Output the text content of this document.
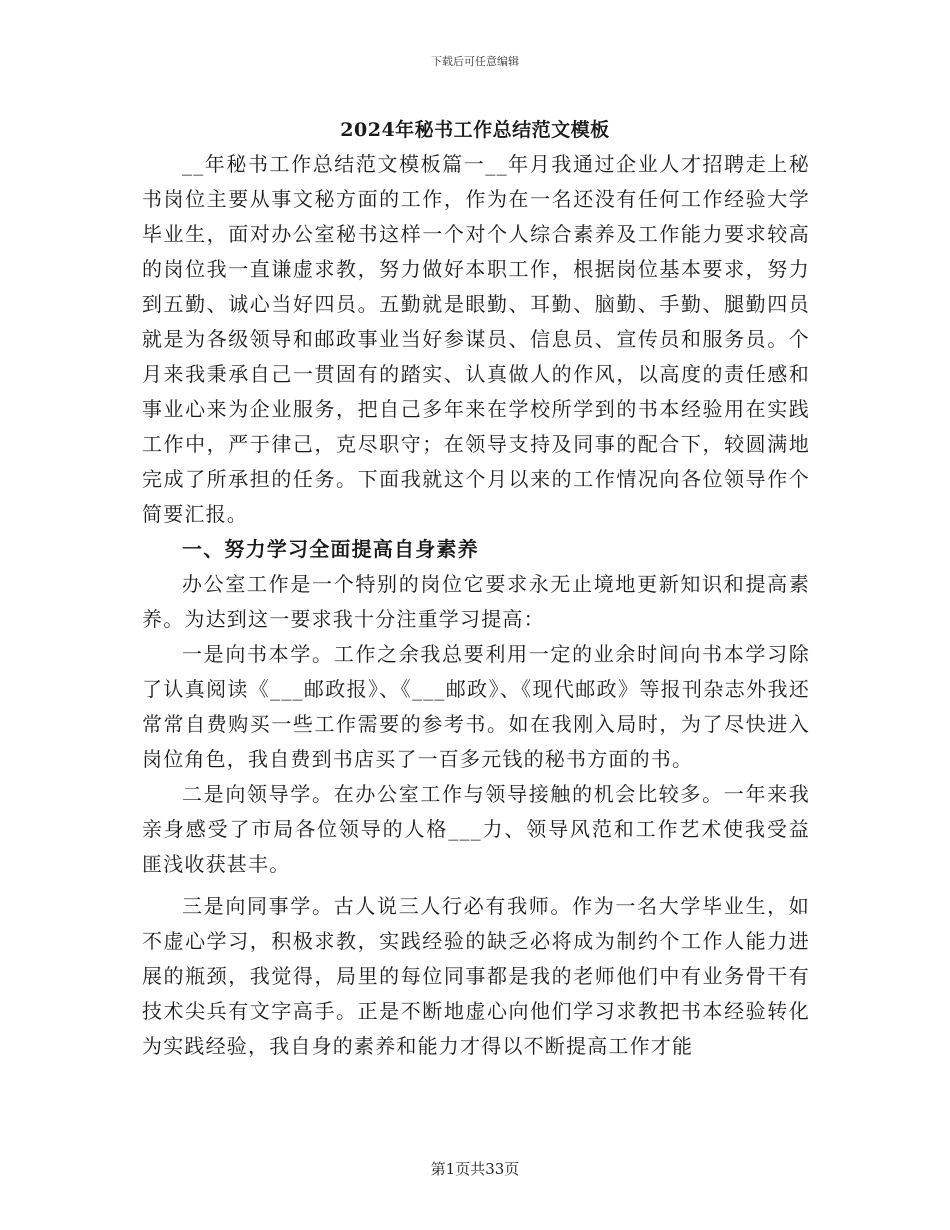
下载后可任意编辑
2024年秘书工作总结范文模板

__年秘书工作总结范文模板篇一__年月我通过企业人才招聘走上秘书岗位主要从事文秘方面的工作，作为在一名还没有任何工作经验大学毕业生，面对办公室秘书这样一个对个人综合素养及工作能力要求较高的岗位我一直谦虚求教，努力做好本职工作，根据岗位基本要求，努力到五勤、诚心当好四员。五勤就是眼勤、耳勤、脑勤、手勤、腿勤四员就是为各级领导和邮政事业当好参谋员、信息员、宣传员和服务员。个月来我秉承自己一贯固有的踏实、认真做人的作风，以高度的责任感和事业心来为企业服务，把自己多年来在学校所学到的书本经验用在实践工作中，严于律己，克尽职守；在领导支持及同事的配合下，较圆满地完成了所承担的任务。下面我就这个月以来的工作情况向各位领导作个简要汇报。

一、努力学习全面提高自身素养

办公室工作是一个特别的岗位它要求永无止境地更新知识和提高素养。为达到这一要求我十分注重学习提高：

一是向书本学。工作之余我总要利用一定的业余时间向书本学习除了认真阅读《___邮政报》、《___邮政》、《现代邮政》等报刊杂志外我还常常自费购买一些工作需要的参考书。如在我刚入局时，为了尽快进入岗位角色，我自费到书店买了一百多元钱的秘书方面的书。

二是向领导学。在办公室工作与领导接触的机会比较多。一年来我亲身感受了市局各位领导的人格___力、领导风范和工作艺术使我受益匪浅收获甚丰。

三是向同事学。古人说三人行必有我师。作为一名大学毕业生，如不虚心学习，积极求教，实践经验的缺乏必将成为制约个工作人能力进展的瓶颈，我觉得，局里的每位同事都是我的老师他们中有业务骨干有技术尖兵有文字高手。正是不断地虚心向他们学习求教把书本经验转化为实践经验，我自身的素养和能力才得以不断提高工作才能

第1页共33页
